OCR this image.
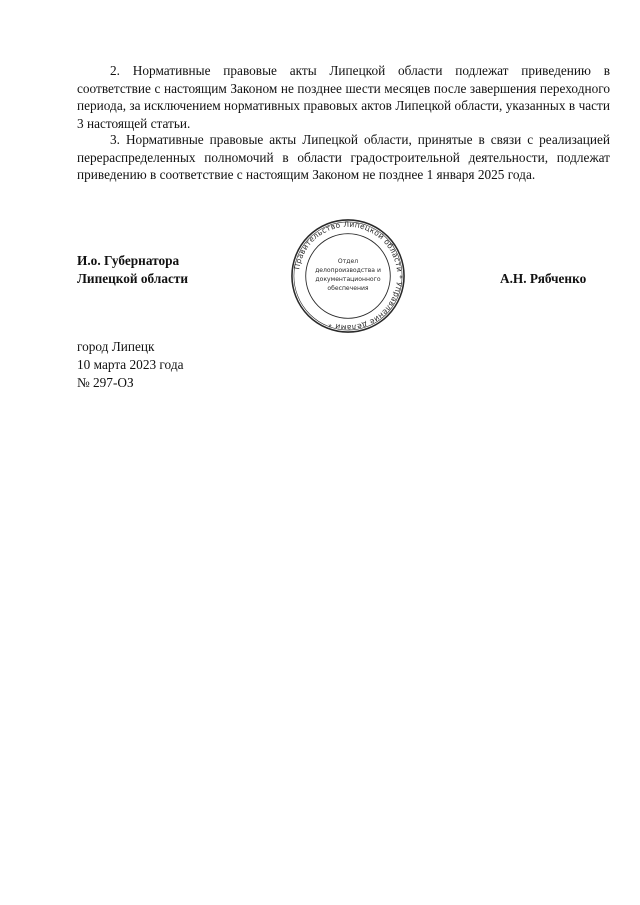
2. Нормативные правовые акты Липецкой области подлежат приведению в соответствие с настоящим Законом не позднее шести месяцев после завершения переходного периода, за исключением нормативных правовых актов Липецкой области, указанных в части 3 настоящей статьи.

3. Нормативные правовые акты Липецкой области, принятые в связи с реализацией перераспределенных полномочий в области градостроительной деятельности, подлежат приведению в соответствие с настоящим Законом не позднее 1 января 2025 года.

И.о. Губернатора
Липецкой области
Правительство Липецкой области * Управление делами *
Отдел
делопроизводства и
документационного
обеспечения
А.Н. Рябченко
город Липецк
10 марта 2023 года
№ 297-ОЗ
